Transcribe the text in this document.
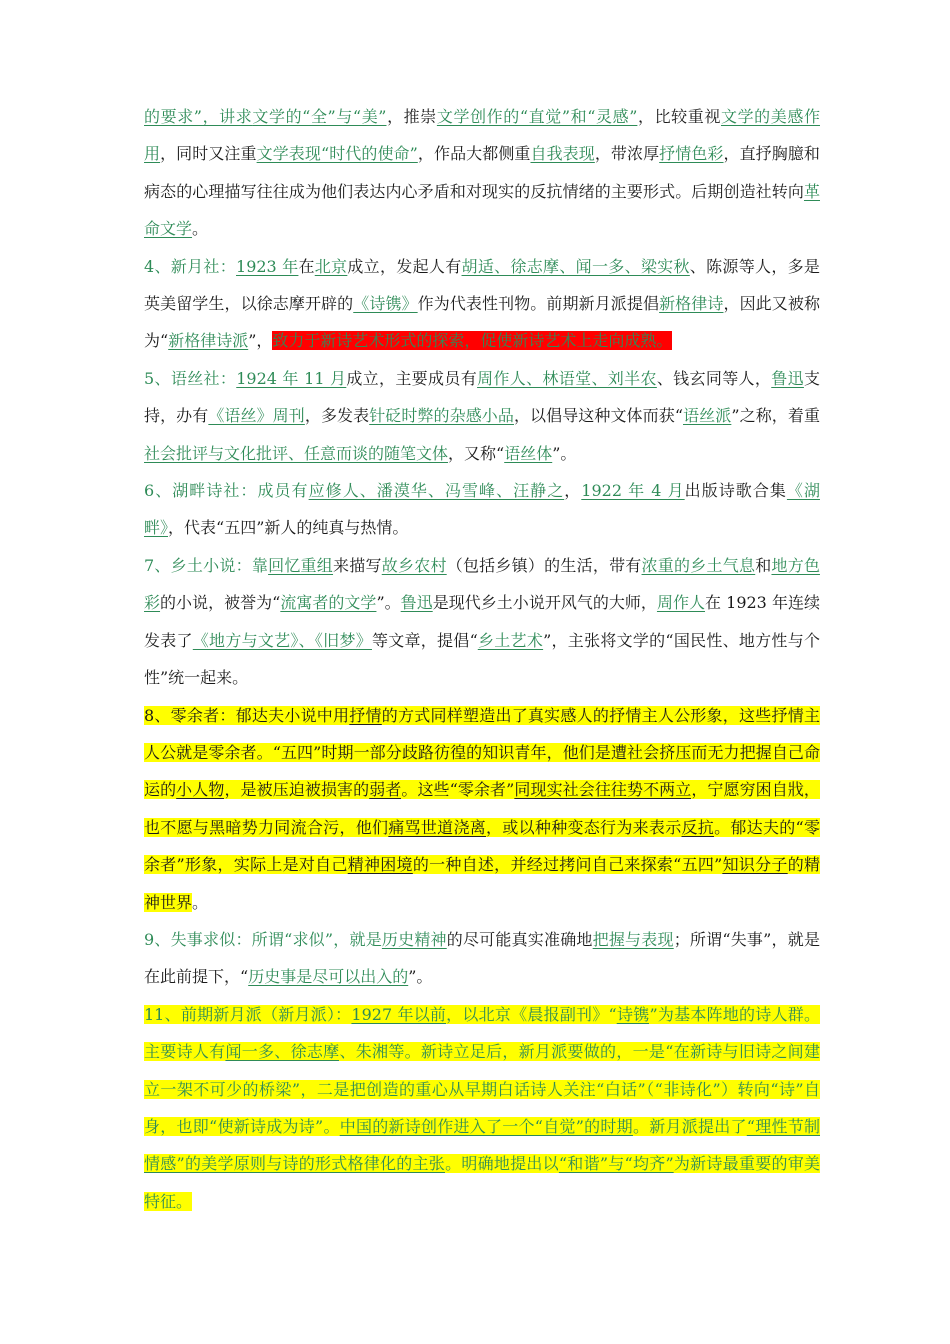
的要求”，讲求文学的“全”与“美”，推崇文学创作的“直觉”和“灵感”，比较重视文学的美感作用，同时又注重文学表现“时代的使命”，作品大都侧重自我表现，带浓厚抒情色彩，直抒胸臆和病态的心理描写往往成为他们表达内心矛盾和对现实的反抗情绪的主要形式。后期创造社转向革命文学。

4、新月社：1923 年在北京成立，发起人有胡适、徐志摩、闻一多、梁实秋、陈源等人，多是英美留学生，以徐志摩开辟的《诗镌》作为代表性刊物。前期新月派提倡新格律诗，因此又被称为“新格律诗派”，致力于新诗艺术形式的探索，促使新诗艺术上走向成熟。

5、语丝社：1924 年 11 月成立，主要成员有周作人、林语堂、刘半农、钱玄同等人，鲁迅支持，办有《语丝》周刊，多发表针砭时弊的杂感小品，以倡导这种文体而获“语丝派”之称，着重社会批评与文化批评、任意而谈的随笔文体，又称“语丝体”。

6、湖畔诗社：成员有应修人、潘漠华、冯雪峰、汪静之，1922 年 4 月出版诗歌合集《湖畔》，代表“五四”新人的纯真与热情。

7、乡土小说：靠回忆重组来描写故乡农村（包括乡镇）的生活，带有浓重的乡土气息和地方色彩的小说，被誉为“流寓者的文学”。鲁迅是现代乡土小说开风气的大师，周作人在 1923 年连续发表了《地方与文艺》、《旧梦》等文章，提倡“乡土艺术”，主张将文学的“国民性、地方性与个性”统一起来。

8、零余者：郁达夫小说中用抒情的方式同样塑造出了真实感人的抒情主人公形象，这些抒情主人公就是零余者。“五四”时期一部分歧路彷徨的知识青年，他们是遭社会挤压而无力把握自己命运的小人物，是被压迫被损害的弱者。这些“零余者”同现实社会往往势不两立，宁愿穷困自戕，也不愿与黑暗势力同流合污，他们痛骂世道浇离，或以种种变态行为来表示反抗。郁达夫的“零余者”形象，实际上是对自己精神困境的一种自述，并经过拷问自己来探索“五四”知识分子的精神世界。

9、失事求似：所谓“求似”，就是历史精神的尽可能真实准确地把握与表现；所谓“失事”，就是在此前提下，“历史事是尽可以出入的”。

11、前期新月派（新月派）：1927 年以前，以北京《晨报副刊》“诗镌”为基本阵地的诗人群。主要诗人有闻一多、徐志摩、朱湘等。新诗立足后，新月派要做的，一是“在新诗与旧诗之间建立一架不可少的桥梁”，二是把创造的重心从早期白话诗人关注“白话”（“非诗化”）转向“诗”自身，也即“使新诗成为诗”。中国的新诗创作进入了一个“自觉”的时期。新月派提出了“理性节制情感”的美学原则与诗的形式格律化的主张。明确地提出以“和谐”与“均齐”为新诗最重要的审美特征。
